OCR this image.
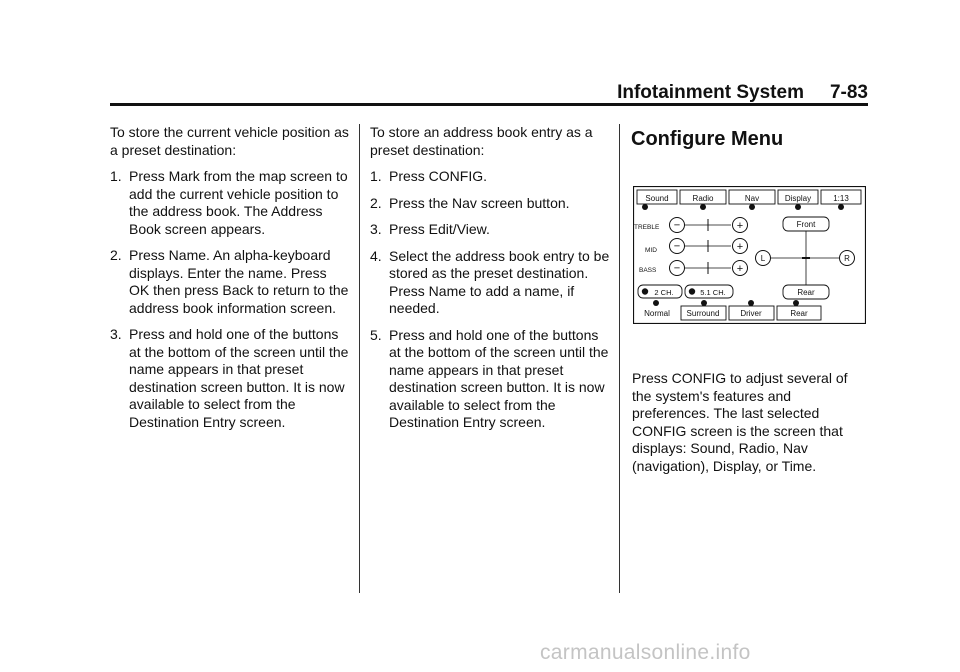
Infotainment System 7-83

To store the current vehicle position as a preset destination:

1. Press Mark from the map screen to add the current vehicle position to the address book. The Address Book screen appears.
2. Press Name. An alpha-keyboard displays. Enter the name. Press OK then press Back to return to the address book information screen.
3. Press and hold one of the buttons at the bottom of the screen until the name appears in that preset destination screen button. It is now available to select from the Destination Entry screen.

To store an address book entry as a preset destination:

1. Press CONFIG.
2. Press the Nav screen button.
3. Press Edit/View.
4. Select the address book entry to be stored as the preset destination. Press Name to add a name, if needed.
5. Press and hold one of the buttons at the bottom of the screen until the name appears in that preset destination screen button. It is now available to select from the Destination Entry screen.
Configure Menu
Sound	Radio	Nav	Display	1:13
TREBLE
MID
BASS
−	+
−	+
−	+
Front
Rear
L	R
2 CH.	5.1 CH.
Normal Surround	Driver	Rear

Press CONFIG to adjust several of the system's features and preferences. The last selected CONFIG screen is the screen that displays: Sound, Radio, Nav (navigation), Display, or Time.

carmanualsonline.info
